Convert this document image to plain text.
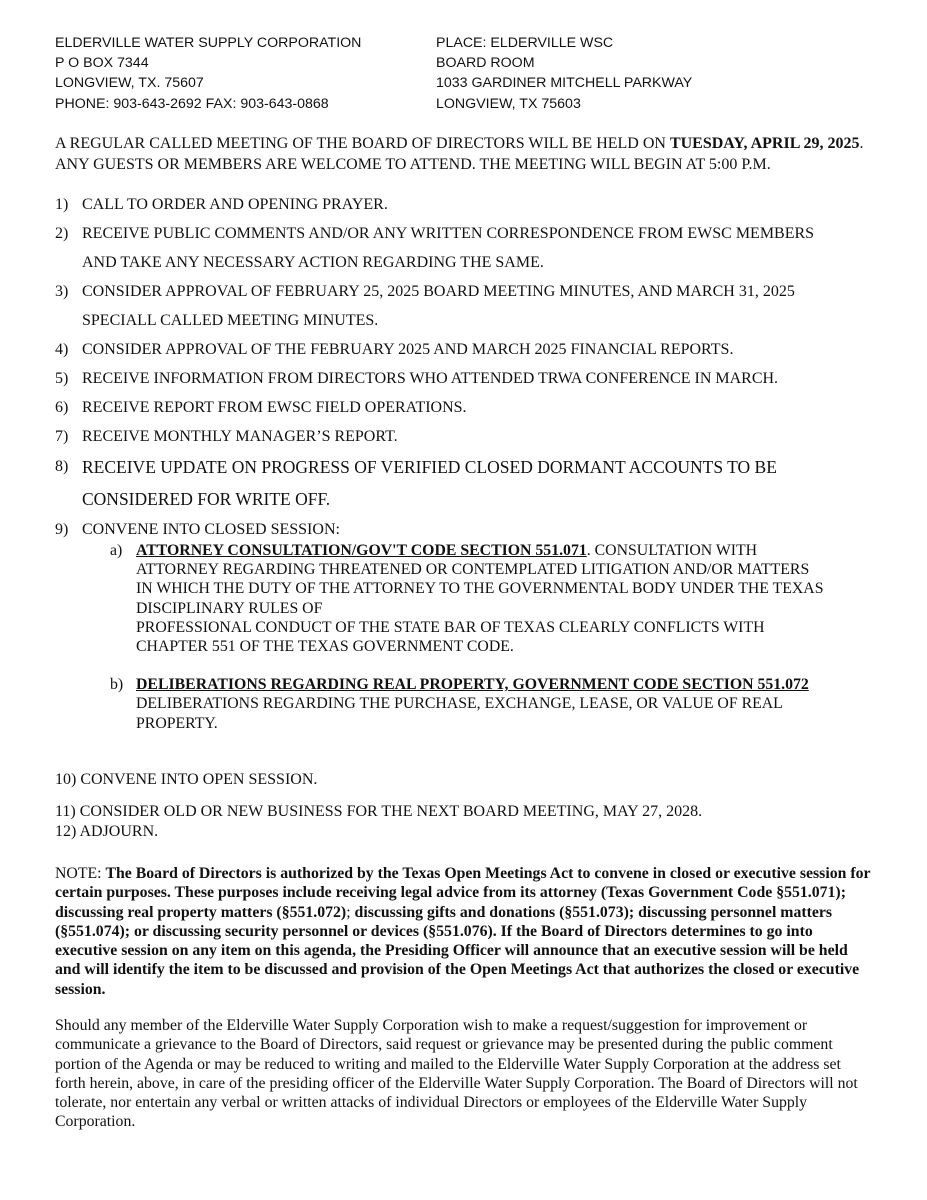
ELDERVILLE WATER SUPPLY CORPORATION
P O BOX 7344
LONGVIEW, TX. 75607
PHONE: 903-643-2692 FAX: 903-643-0868
PLACE: ELDERVILLE WSC
BOARD ROOM
1033 GARDINER MITCHELL PARKWAY
LONGVIEW, TX 75603
A REGULAR CALLED MEETING OF THE BOARD OF DIRECTORS WILL BE HELD ON TUESDAY, APRIL 29, 2025. ANY GUESTS OR MEMBERS ARE WELCOME TO ATTEND. THE MEETING WILL BEGIN AT 5:00 P.M.
1) CALL TO ORDER AND OPENING PRAYER.
2) RECEIVE PUBLIC COMMENTS AND/OR ANY WRITTEN CORRESPONDENCE FROM EWSC MEMBERS
AND TAKE ANY NECESSARY ACTION REGARDING THE SAME.
3) CONSIDER APPROVAL OF FEBRUARY 25, 2025 BOARD MEETING MINUTES, AND MARCH 31, 2025
SPECIALL CALLED MEETING MINUTES.
4) CONSIDER APPROVAL OF THE FEBRUARY 2025 AND MARCH 2025 FINANCIAL REPORTS.
5) RECEIVE INFORMATION FROM DIRECTORS WHO ATTENDED TRWA CONFERENCE IN MARCH.
6) RECEIVE REPORT FROM EWSC FIELD OPERATIONS.
7) RECEIVE MONTHLY MANAGER’S REPORT.
8) RECEIVE UPDATE ON PROGRESS OF VERIFIED CLOSED DORMANT ACCOUNTS TO BE
CONSIDERED FOR WRITE OFF.
9) CONVENE INTO CLOSED SESSION:
a) ATTORNEY CONSULTATION/GOV'T CODE SECTION 551.071. CONSULTATION WITH
ATTORNEY REGARDING THREATENED OR CONTEMPLATED LITIGATION AND/OR MATTERS
IN WHICH THE DUTY OF THE ATTORNEY TO THE GOVERNMENTAL BODY UNDER THE TEXAS
DISCIPLINARY RULES OF
PROFESSIONAL CONDUCT OF THE STATE BAR OF TEXAS CLEARLY CONFLICTS WITH
CHAPTER 551 OF THE TEXAS GOVERNMENT CODE.
b) DELIBERATIONS REGARDING REAL PROPERTY, GOVERNMENT CODE SECTION 551.072
DELIBERATIONS REGARDING THE PURCHASE, EXCHANGE, LEASE, OR VALUE OF REAL
PROPERTY.
10) CONVENE INTO OPEN SESSION.
11) CONSIDER OLD OR NEW BUSINESS FOR THE NEXT BOARD MEETING, MAY 27, 2028.
12) ADJOURN.
NOTE: The Board of Directors is authorized by the Texas Open Meetings Act to convene in closed or executive session for certain purposes. These purposes include receiving legal advice from its attorney (Texas Government Code §551.071); discussing real property matters (§551.072); discussing gifts and donations (§551.073); discussing personnel matters (§551.074); or discussing security personnel or devices (§551.076). If the Board of Directors determines to go into executive session on any item on this agenda, the Presiding Officer will announce that an executive session will be held and will identify the item to be discussed and provision of the Open Meetings Act that authorizes the closed or executive session.
Should any member of the Elderville Water Supply Corporation wish to make a request/suggestion for improvement or communicate a grievance to the Board of Directors, said request or grievance may be presented during the public comment portion of the Agenda or may be reduced to writing and mailed to the Elderville Water Supply Corporation at the address set forth herein, above, in care of the presiding officer of the Elderville Water Supply Corporation. The Board of Directors will not tolerate, nor entertain any verbal or written attacks of individual Directors or employees of the Elderville Water Supply Corporation.
